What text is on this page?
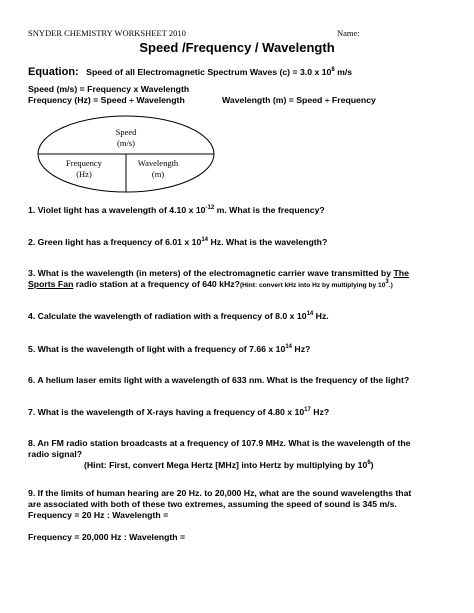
SNYDER CHEMISTRY WORKSHEET 2010	Name:
Speed /Frequency / Wavelength
Equation: Speed of all Electromagnetic Spectrum Waves (c) = 3.0 x $10^8$ m/s
Speed (m/s) = Frequency x Wavelength
Frequency (Hz) = Speed ÷ Wavelength	Wavelength (m) = Speed ÷ Frequency
Speed
(m/s)
Frequency
(Hz)
Wavelength
(m)
1. Violet light has a wavelength of 4.10 x $10^{-12}$ m. What is the frequency?
2. Green light has a frequency of 6.01 x $10^{14}$ Hz. What is the wavelength?
3. What is the wavelength (in meters) of the electromagnetic carrier wave transmitted by The
Sports Fan radio station at a frequency of 640 kHz?(Hint: convert kHz into Hz by multiplying by $10^3$.)
4. Calculate the wavelength of radiation with a frequency of 8.0 x $10^{14}$ Hz.
5. What is the wavelength of light with a frequency of 7.66 x $10^{14}$ Hz?
6. A helium laser emits light with a wavelength of 633 nm. What is the frequency of the light?
7. What is the wavelength of X-rays having a frequency of 4.80 x $10^{17}$ Hz?
8. An FM radio station broadcasts at a frequency of 107.9 MHz. What is the wavelength of the
radio signal?
(Hint: First, convert Mega Hertz [MHz] into Hertz by multiplying by $10^6$)
9. If the limits of human hearing are 20 Hz. to 20,000 Hz, what are the sound wavelengths that
are associated with both of these two extremes, assuming the speed of sound is 345 m/s.
Frequency = 20 Hz : Wavelength =
Frequency = 20,000 Hz : Wavelength =
